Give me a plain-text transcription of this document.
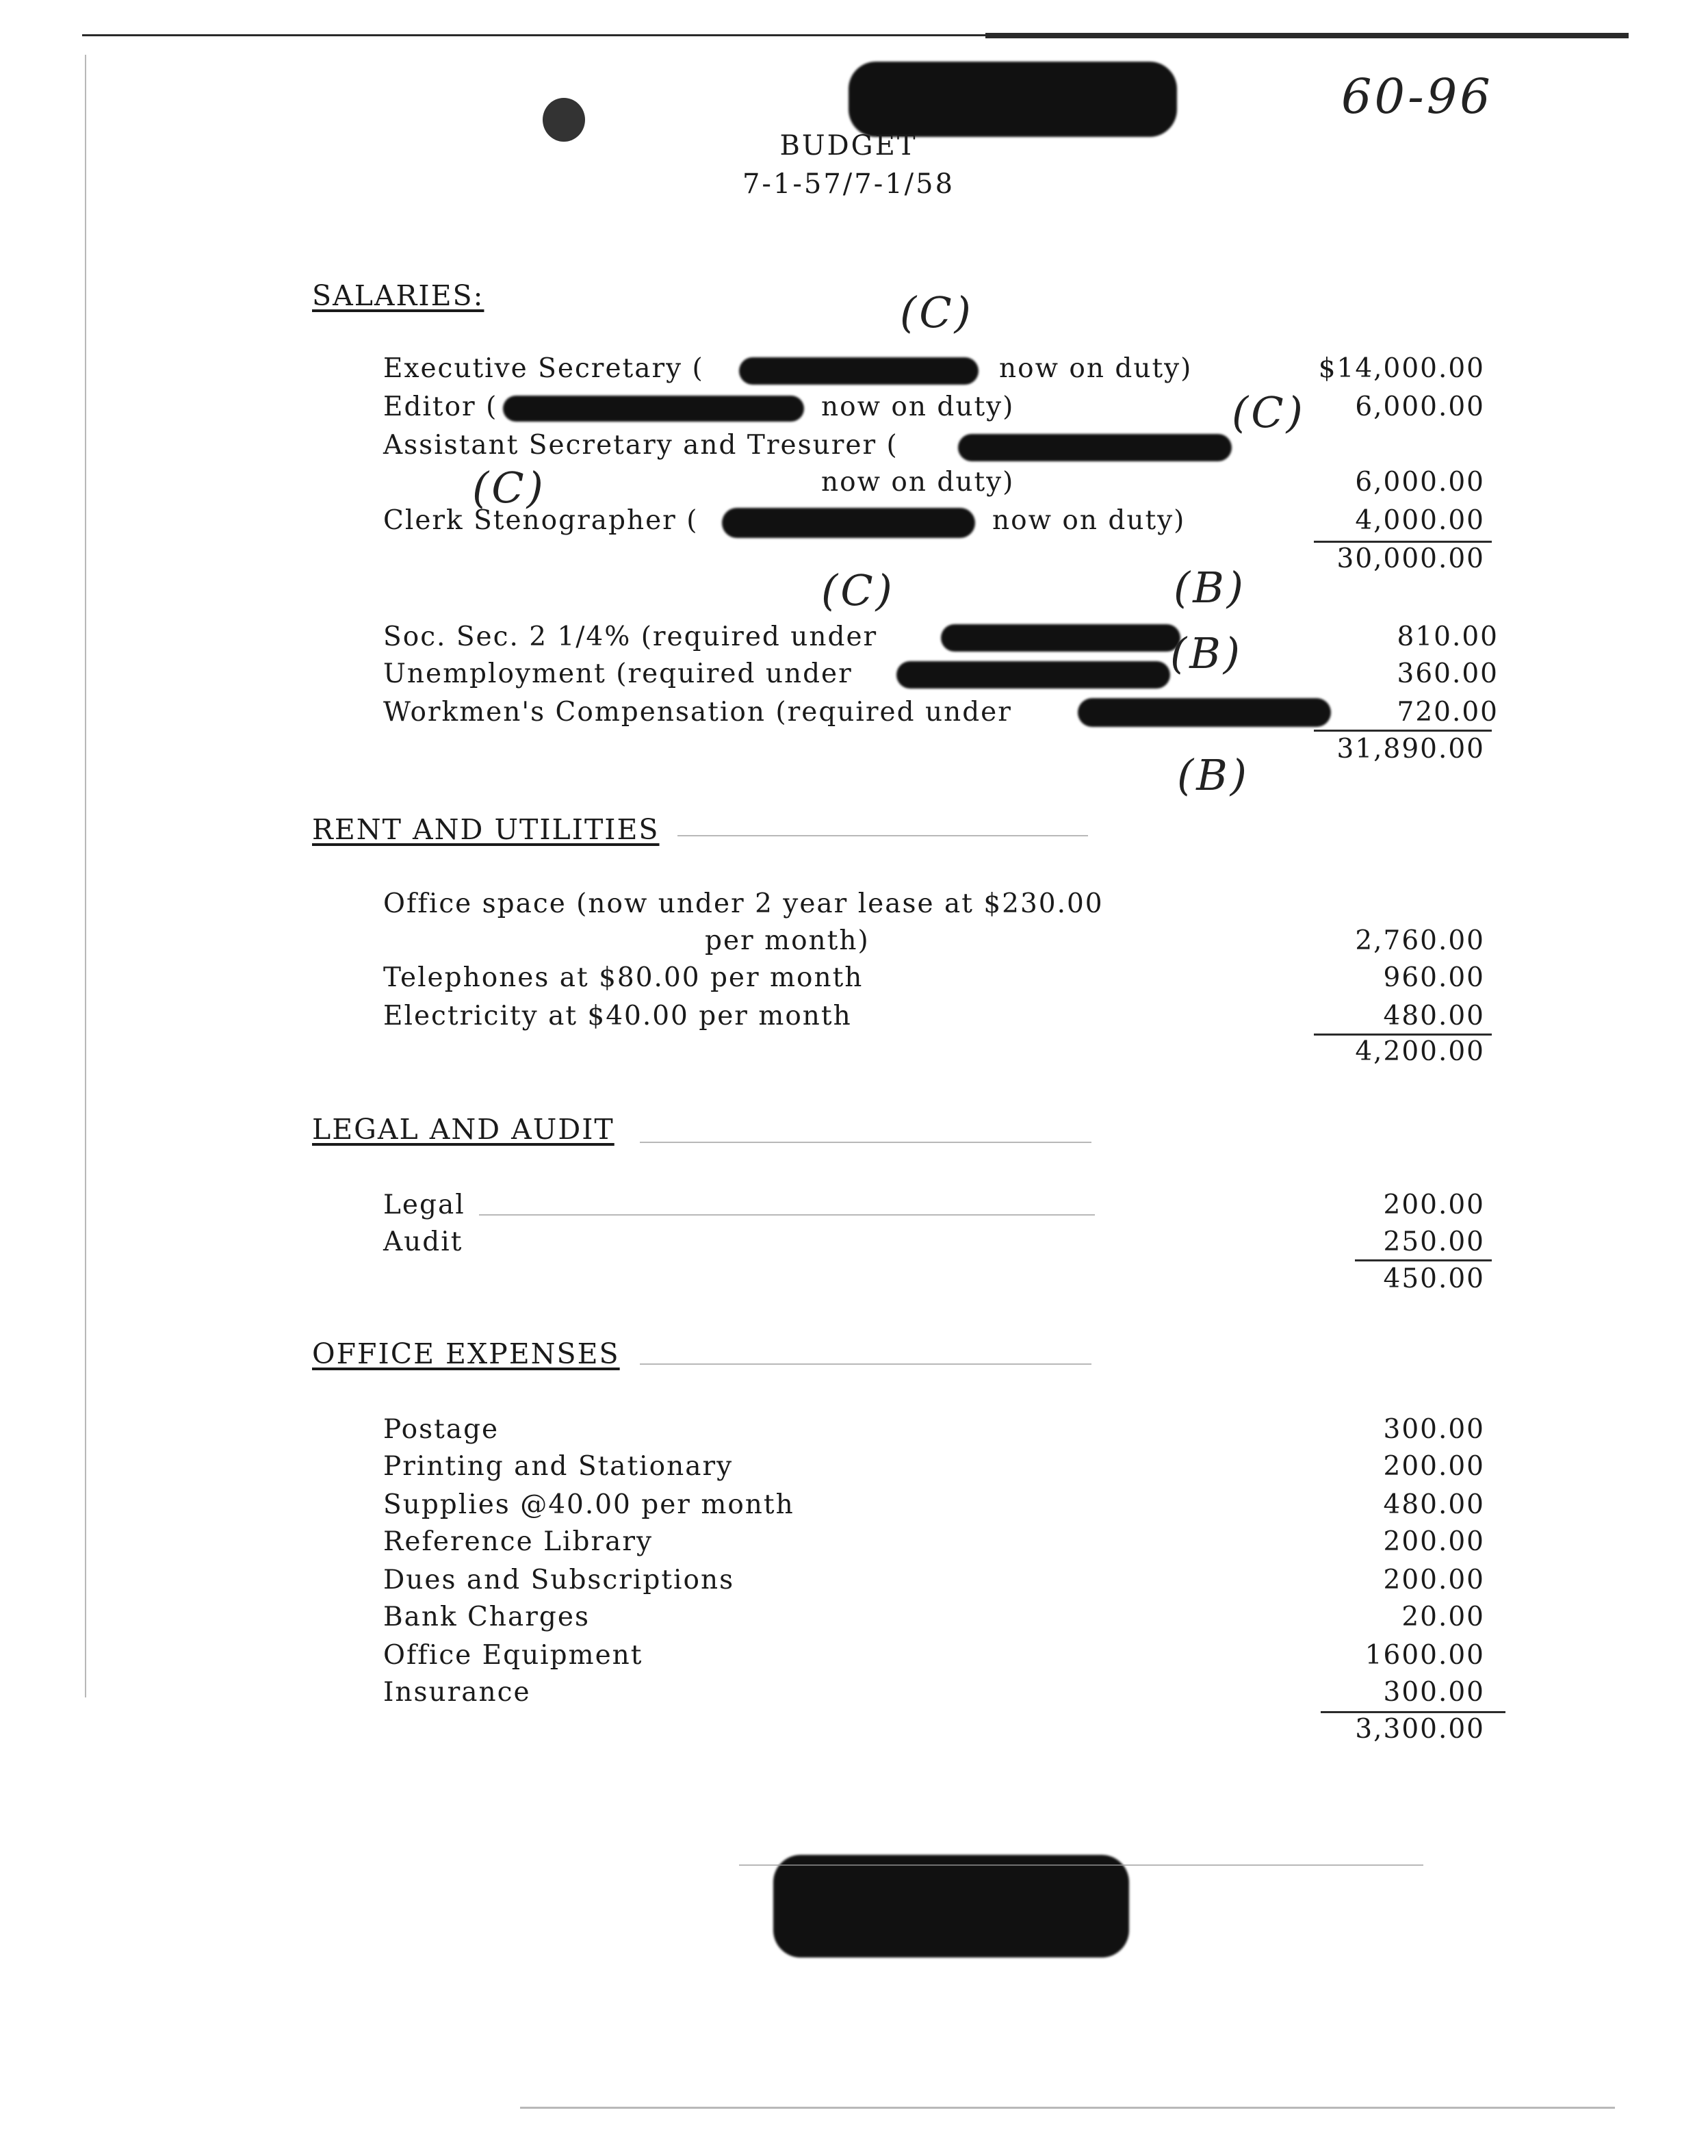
BUDGET
7-1-57/7-1/58
60-96
SALARIES:
Executive Secretary (	now on duty)	$14,000.00
Editor (	now on duty)	6,000.00
Assistant Secretary and Tresurer (
now on duty)	6,000.00
Clerk Stenographer (	now on duty)	4,000.00
30,000.00
(C)
(C)
(C)
(C)
Soc. Sec. 2 1/4% (required under	810.00
Unemployment (required under	360.00
Workmen's Compensation (required under	720.00
31,890.00
(B)
(B)
(B)
RENT AND UTILITIES
Office space (now under 2 year lease at $230.00
per month)	2,760.00
Telephones at $80.00 per month	960.00
Electricity at $40.00 per month	480.00
4,200.00
LEGAL AND AUDIT
Legal	200.00
Audit	250.00
450.00
OFFICE EXPENSES
Postage	300.00
Printing and Stationary	200.00
Supplies @40.00 per month	480.00
Reference Library	200.00
Dues and Subscriptions	200.00
Bank Charges	20.00
Office Equipment	1600.00
Insurance	300.00
3,300.00
